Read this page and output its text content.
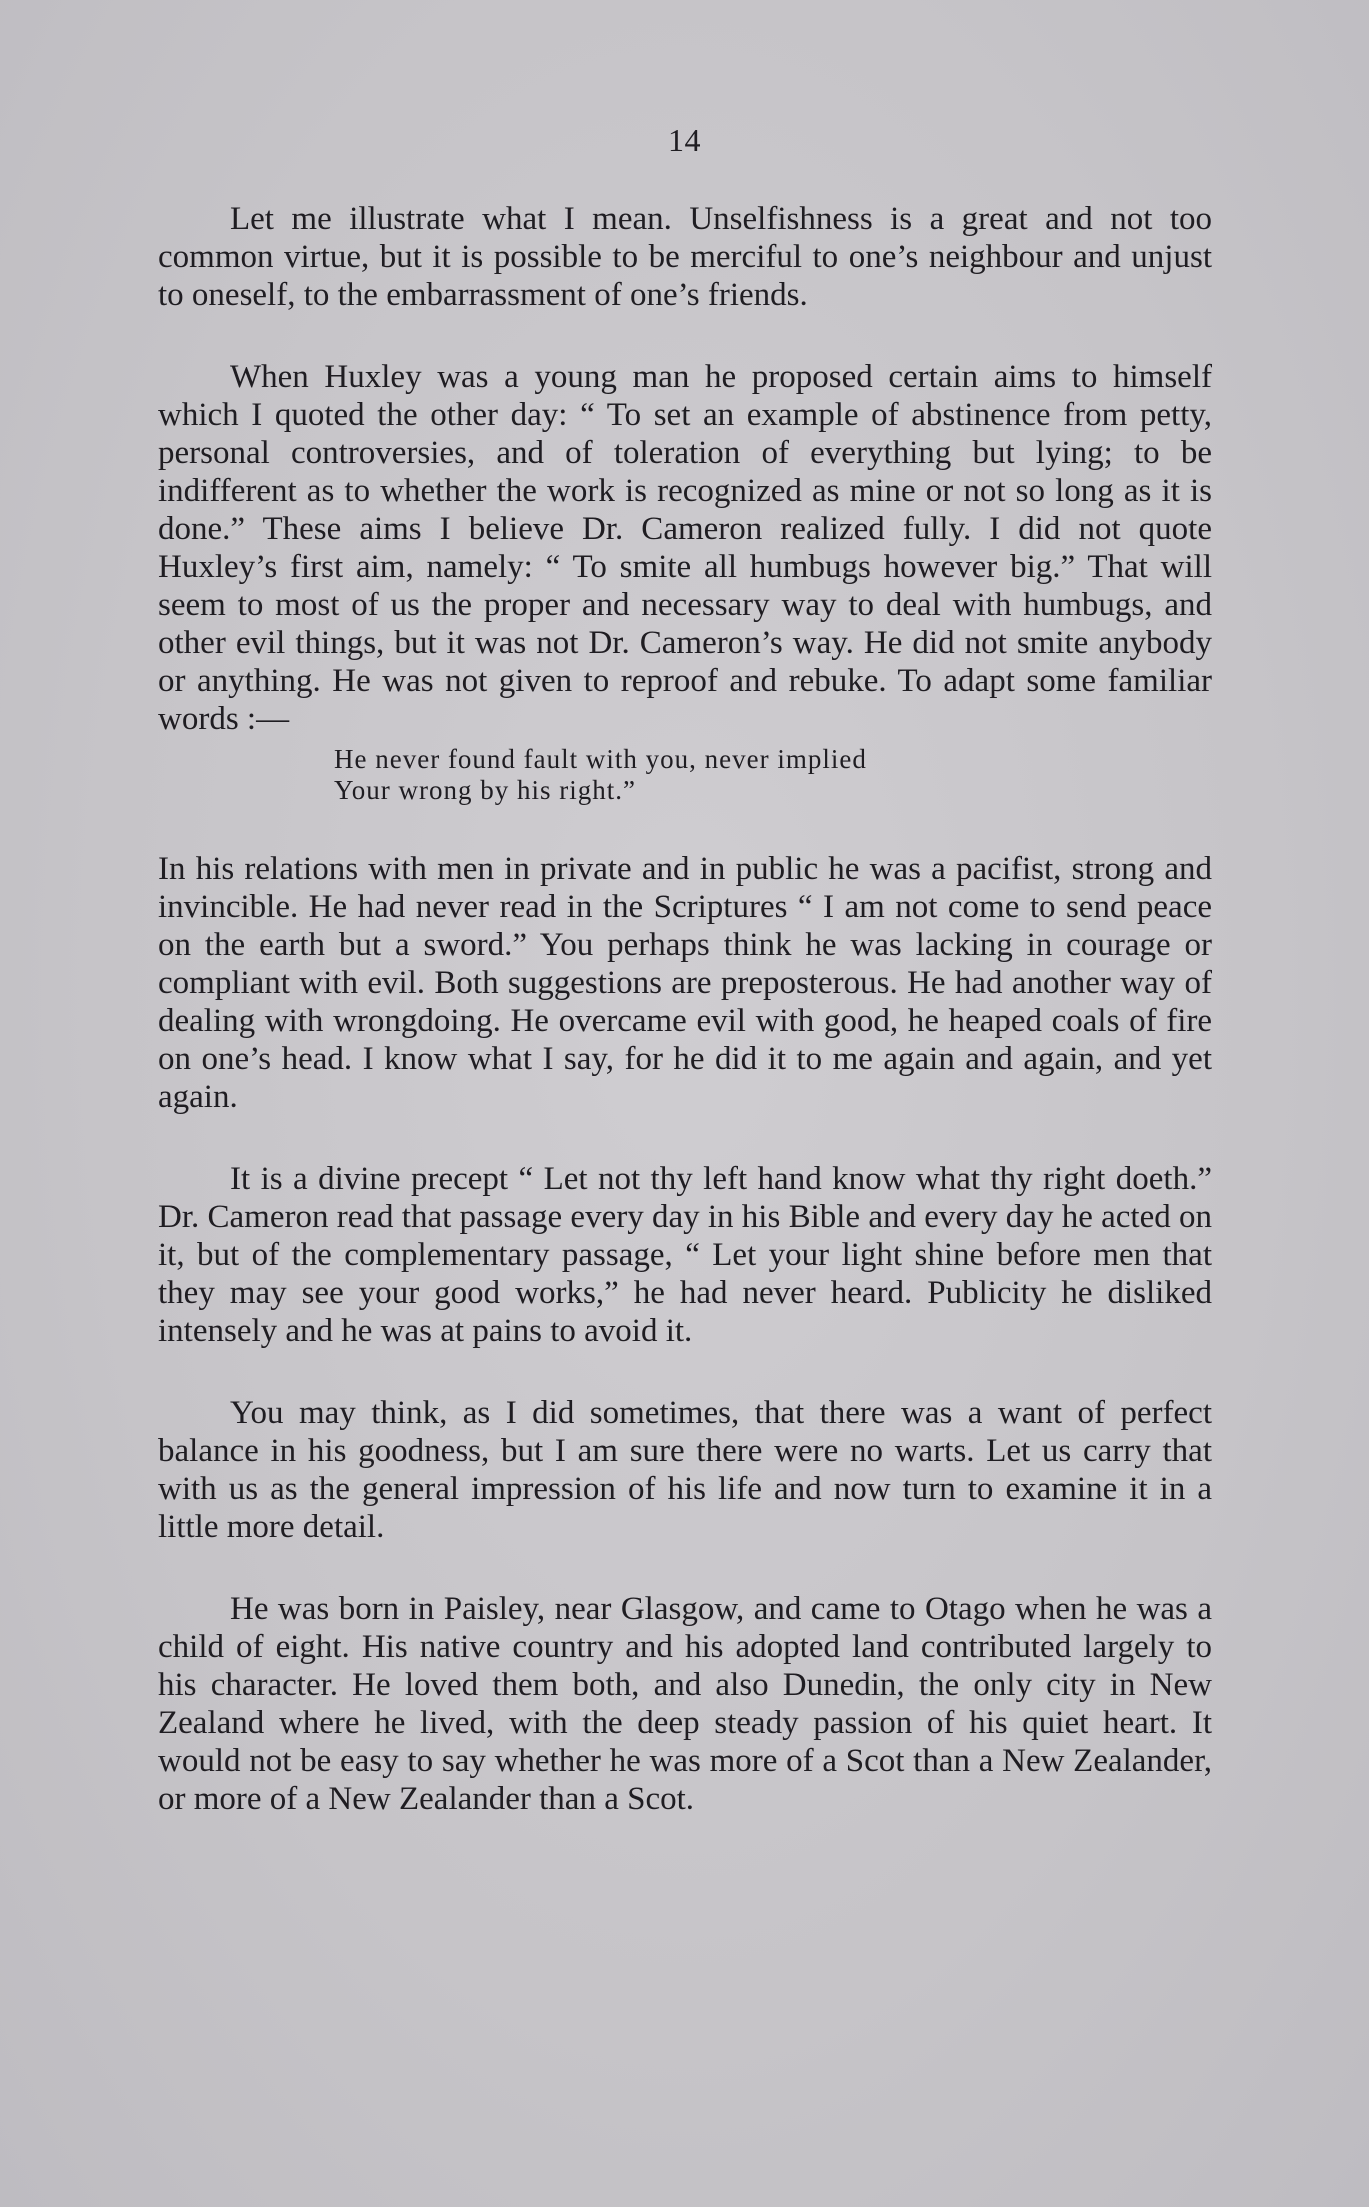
14

Let me illustrate what I mean. Unselfishness is a great and not too common virtue, but it is possible to be merciful to one’s neighbour and unjust to oneself, to the embarrassment of one’s friends.

When Huxley was a young man he proposed certain aims to himself which I quoted the other day: “ To set an example of abstinence from petty, personal controversies, and of toleration of everything but lying; to be indifferent as to whether the work is recognized as mine or not so long as it is done.” These aims I believe Dr. Cameron realized fully. I did not quote Huxley’s first aim, namely: “ To smite all humbugs however big.” That will seem to most of us the proper and necessary way to deal with humbugs, and other evil things, but it was not Dr. Cameron’s way. He did not smite anybody or anything. He was not given to reproof and rebuke. To adapt some familiar words :—

He never found fault with you, never implied
Your wrong by his right.”

In his relations with men in private and in public he was a pacifist, strong and invincible. He had never read in the Scriptures “ I am not come to send peace on the earth but a sword.” You perhaps think he was lacking in courage or compliant with evil. Both suggestions are preposterous. He had another way of dealing with wrongdoing. He overcame evil with good, he heaped coals of fire on one’s head. I know what I say, for he did it to me again and again, and yet again.

It is a divine precept “ Let not thy left hand know what thy right doeth.” Dr. Cameron read that passage every day in his Bible and every day he acted on it, but of the complementary passage, “ Let your light shine before men that they may see your good works,” he had never heard. Publicity he disliked intensely and he was at pains to avoid it.

You may think, as I did sometimes, that there was a want of perfect balance in his goodness, but I am sure there were no warts. Let us carry that with us as the general impression of his life and now turn to examine it in a little more detail.

He was born in Paisley, near Glasgow, and came to Otago when he was a child of eight. His native country and his adopted land contributed largely to his character. He loved them both, and also Dunedin, the only city in New Zealand where he lived, with the deep steady passion of his quiet heart. It would not be easy to say whether he was more of a Scot than a New Zealander, or more of a New Zealander than a Scot.
